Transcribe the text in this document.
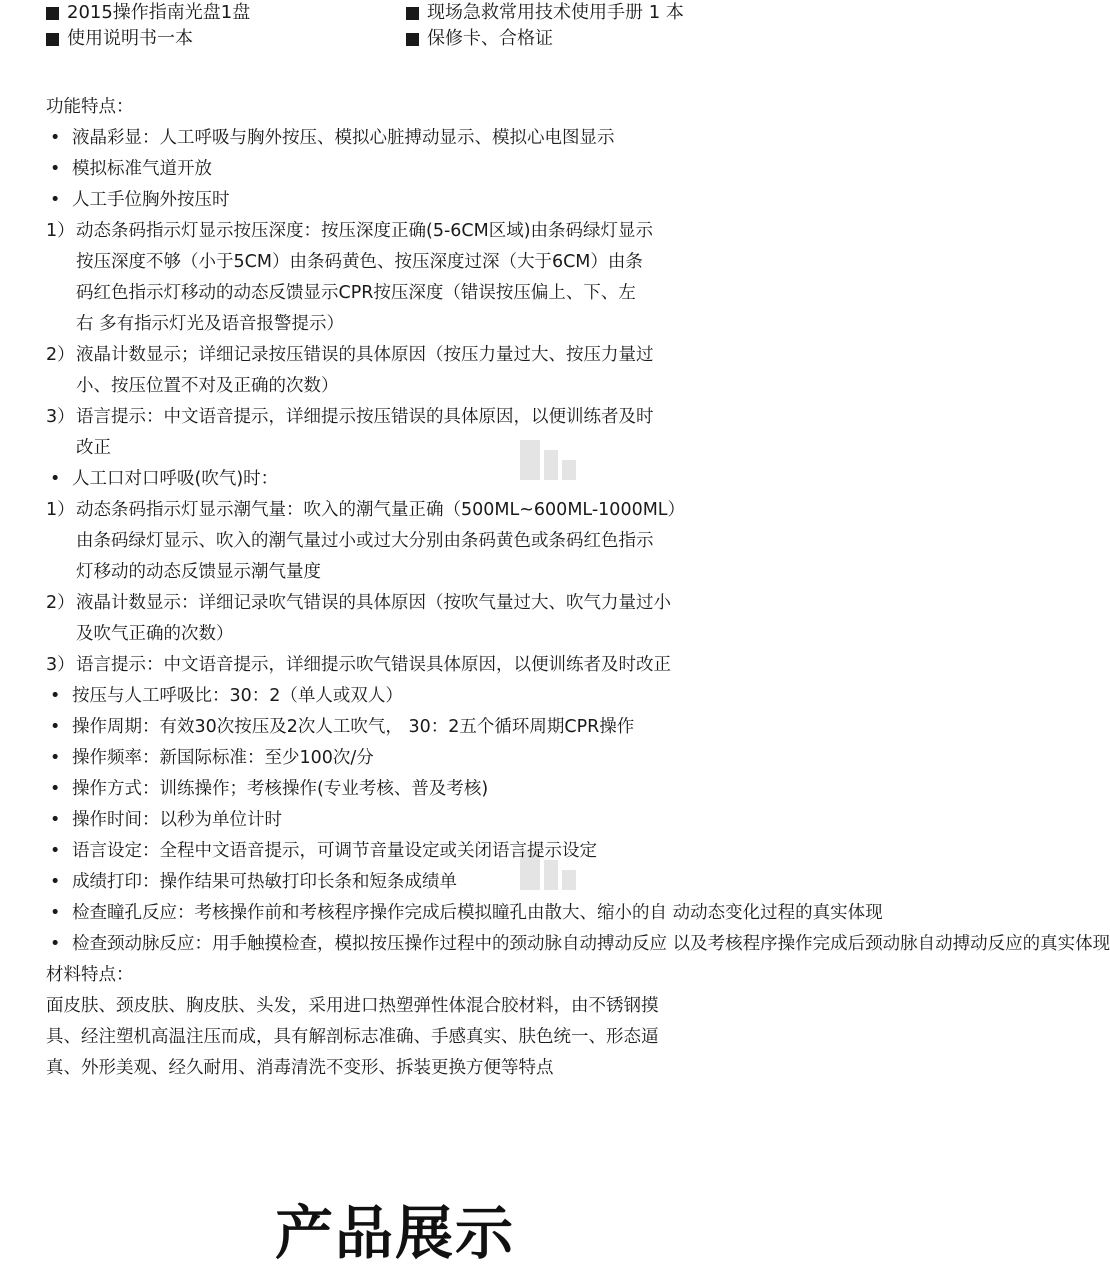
2015操作指南光盘1盘	现场急救常用技术使用手册 1 本
使用说明书一本	保修卡、合格证
功能特点：
• 液晶彩显：人工呼吸与胸外按压、模拟心脏搏动显示、模拟心电图显示
• 模拟标准气道开放
• 人工手位胸外按压时
1） 动态条码指示灯显示按压深度：按压深度正确(5-6CM区域)由条码绿灯显示
按压深度不够（小于5CM）由条码黄色、按压深度过深（大于6CM）由条
码红色指示灯移动的动态反馈显示CPR按压深度（错误按压偏上、下、左
右 多有指示灯光及语音报警提示）
2） 液晶计数显示；详细记录按压错误的具体原因（按压力量过大、按压力量过
小、按压位置不对及正确的次数）
3） 语言提示：中文语音提示，详细提示按压错误的具体原因，以便训练者及时
改正
• 人工口对口呼吸(吹气)时：
1） 动态条码指示灯显示潮气量：吹入的潮气量正确（500ML~600ML-1000ML）
由条码绿灯显示、吹入的潮气量过小或过大分别由条码黄色或条码红色指示
灯移动的动态反馈显示潮气量度
2） 液晶计数显示：详细记录吹气错误的具体原因（按吹气量过大、吹气力量过小
及吹气正确的次数）
3） 语言提示：中文语音提示，详细提示吹气错误具体原因，以便训练者及时改正
• 按压与人工呼吸比：30：2（单人或双人）
• 操作周期：有效30次按压及2次人工吹气， 30：2五个循环周期CPR操作
• 操作频率：新国际标准：至少100次/分
• 操作方式：训练操作；考核操作(专业考核、普及考核)
• 操作时间：以秒为单位计时
• 语言设定：全程中文语音提示，可调节音量设定或关闭语言提示设定
• 成绩打印：操作结果可热敏打印长条和短条成绩单
• 检查瞳孔反应：考核操作前和考核程序操作完成后模拟瞳孔由散大、缩小的自 动动态变化过程的真实体现
• 检查颈动脉反应：用手触摸检查，模拟按压操作过程中的颈动脉自动搏动反应 以及考核程序操作完成后颈动脉自动搏动反应的真实体现
材料特点：
面皮肤、颈皮肤、胸皮肤、头发，采用进口热塑弹性体混合胶材料，由不锈钢摸
具、经注塑机高温注压而成，具有解剖标志准确、手感真实、肤色统一、形态逼
真、外形美观、经久耐用、消毒清洗不变形、拆装更换方便等特点
产品展示
